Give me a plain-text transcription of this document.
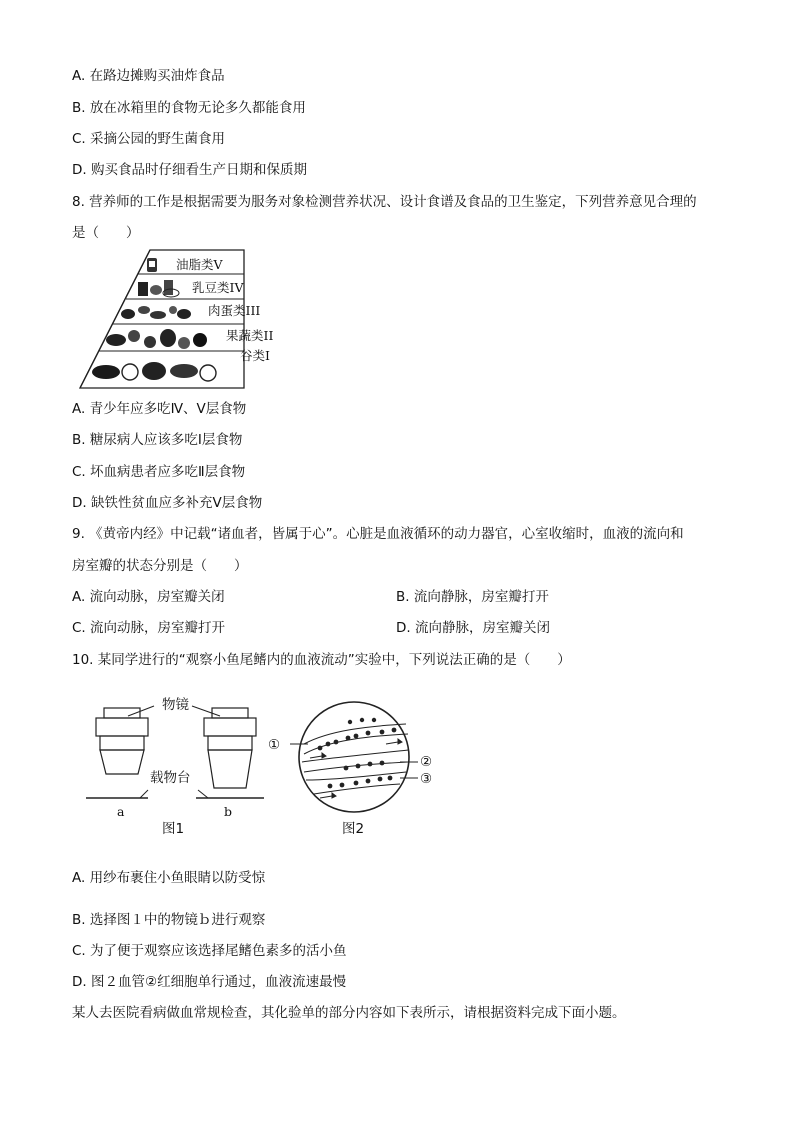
A. 在路边摊购买油炸食品
B. 放在冰箱里的食物无论多久都能食用
C. 采摘公园的野生菌食用
D. 购买食品时仔细看生产日期和保质期
8. 营养师的工作是根据需要为服务对象检测营养状况、设计食谱及食品的卫生鉴定，下列营养意见合理的
是（　　）
油脂类V
乳豆类IV
肉蛋类III
果蔬类II
谷类I
A. 青少年应多吃Ⅳ、Ⅴ层食物
B. 糖尿病人应该多吃Ⅰ层食物
C. 坏血病患者应多吃Ⅱ层食物
D. 缺铁性贫血应多补充Ⅴ层食物
9. 《黄帝内经》中记载“诸血者，皆属于心”。心脏是血液循环的动力器官，心室收缩时，血液的流向和
房室瓣的状态分别是（　　）
A. 流向动脉，房室瓣关闭	B. 流向静脉，房室瓣打开
C. 流向动脉，房室瓣打开	D. 流向静脉，房室瓣关闭
10. 某同学进行的“观察小鱼尾鳍内的血液流动”实验中，下列说法正确的是（　　）
物镜
载物台
a	b
图1
①
②
③
图2
A. 用纱布裹住小鱼眼睛以防受惊
B. 选择图１中的物镜ｂ进行观察
C. 为了便于观察应该选择尾鳍色素多的活小鱼
D. 图２血管②红细胞单行通过，血液流速最慢
某人去医院看病做血常规检查，其化验单的部分内容如下表所示，请根据资料完成下面小题。
